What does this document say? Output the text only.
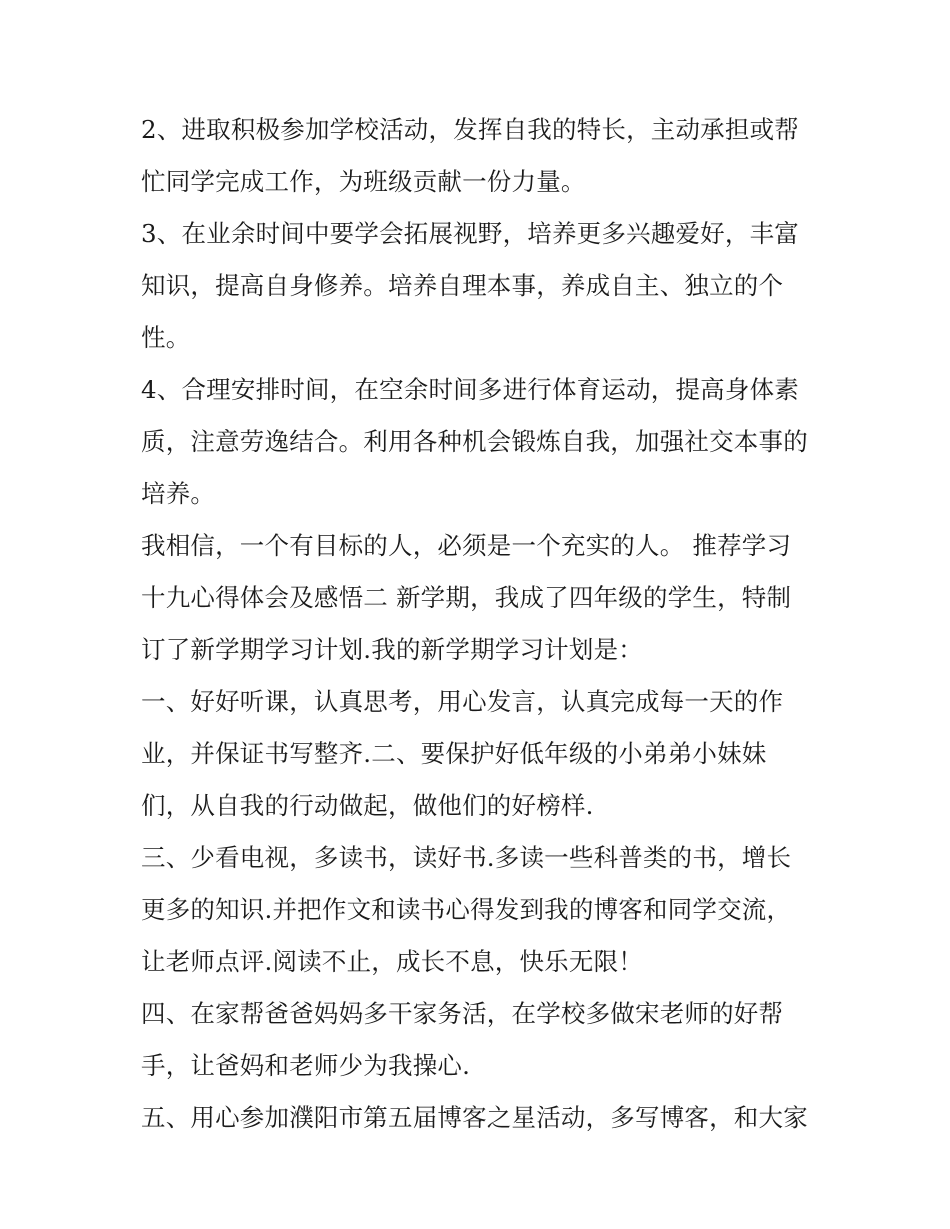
2、进取积极参加学校活动，发挥自我的特长，主动承担或帮
忙同学完成工作，为班级贡献一份力量。
3、在业余时间中要学会拓展视野，培养更多兴趣爱好，丰富
知识，提高自身修养。培养自理本事，养成自主、独立的个
性。
4、合理安排时间，在空余时间多进行体育运动，提高身体素
质，注意劳逸结合。利用各种机会锻炼自我，加强社交本事的
培养。
我相信，一个有目标的人，必须是一个充实的人。 推荐学习
十九心得体会及感悟二 新学期，我成了四年级的学生，特制
订了新学期学习计划.我的新学期学习计划是：
一、好好听课，认真思考，用心发言，认真完成每一天的作
业，并保证书写整齐.二、要保护好低年级的小弟弟小妹妹
们，从自我的行动做起，做他们的好榜样.
三、少看电视，多读书，读好书.多读一些科普类的书，增长
更多的知识.并把作文和读书心得发到我的博客和同学交流，
让老师点评.阅读不止，成长不息，快乐无限！
四、在家帮爸爸妈妈多干家务活，在学校多做宋老师的好帮
手，让爸妈和老师少为我操心.
五、用心参加濮阳市第五届博客之星活动，多写博客，和大家
